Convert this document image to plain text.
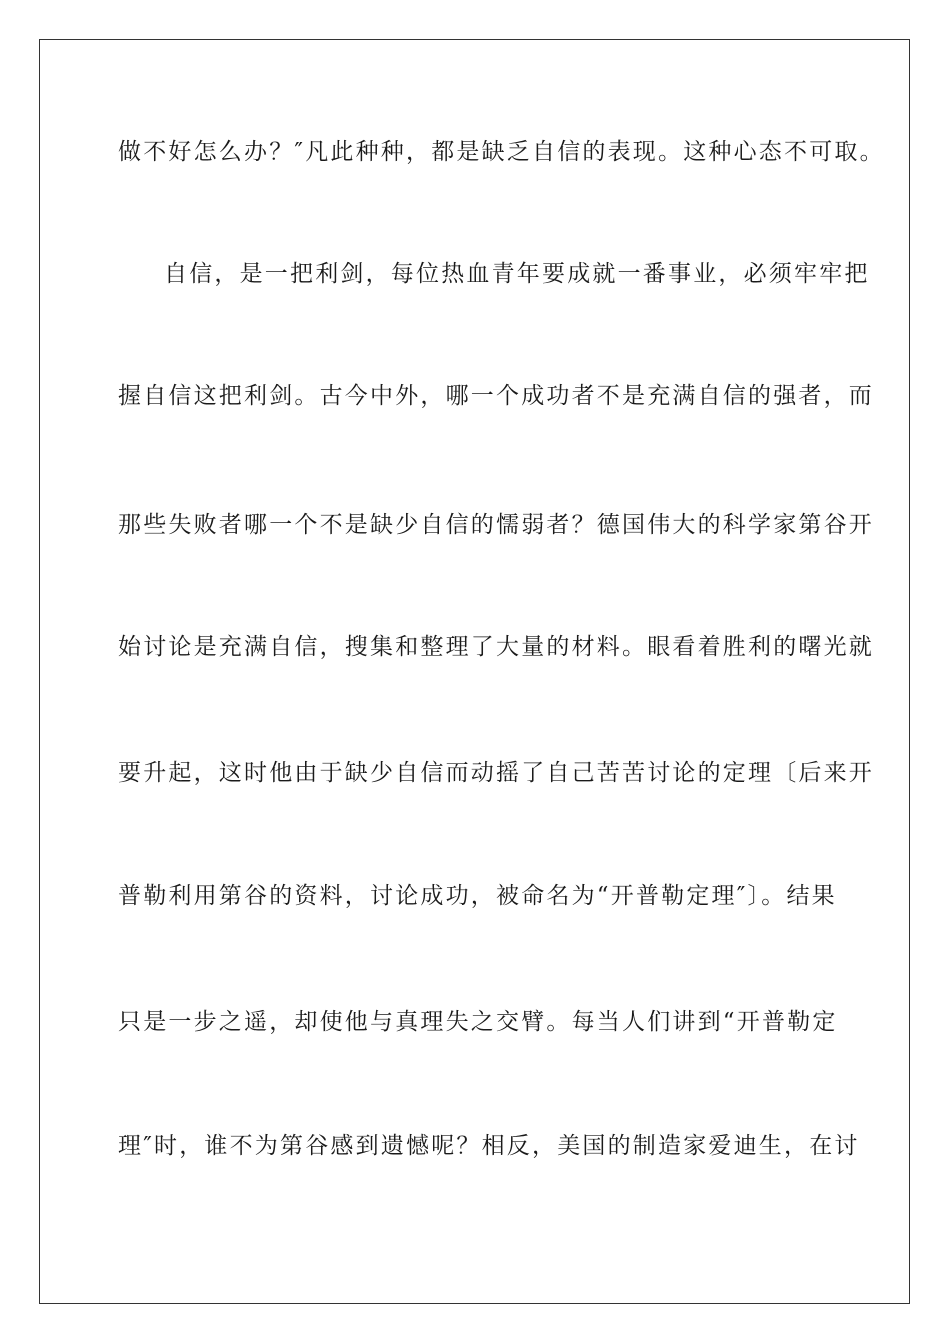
做不好怎么办？″凡此种种，都是缺乏自信的表现。这种心态不可取。
自信，是一把利剑，每位热血青年要成就一番事业，必须牢牢把
握自信这把利剑。古今中外，哪一个成功者不是充满自信的强者，而
那些失败者哪一个不是缺少自信的懦弱者？德国伟大的科学家第谷开
始讨论是充满自信，搜集和整理了大量的材料。眼看着胜利的曙光就
要升起，这时他由于缺少自信而动摇了自己苦苦讨论的定理〔后来开
普勒利用第谷的资料，讨论成功，被命名为“开普勒定理″〕。结果
只是一步之遥，却使他与真理失之交臂。每当人们讲到“开普勒定
理″时，谁不为第谷感到遗憾呢？相反，美国的制造家爱迪生，在讨
